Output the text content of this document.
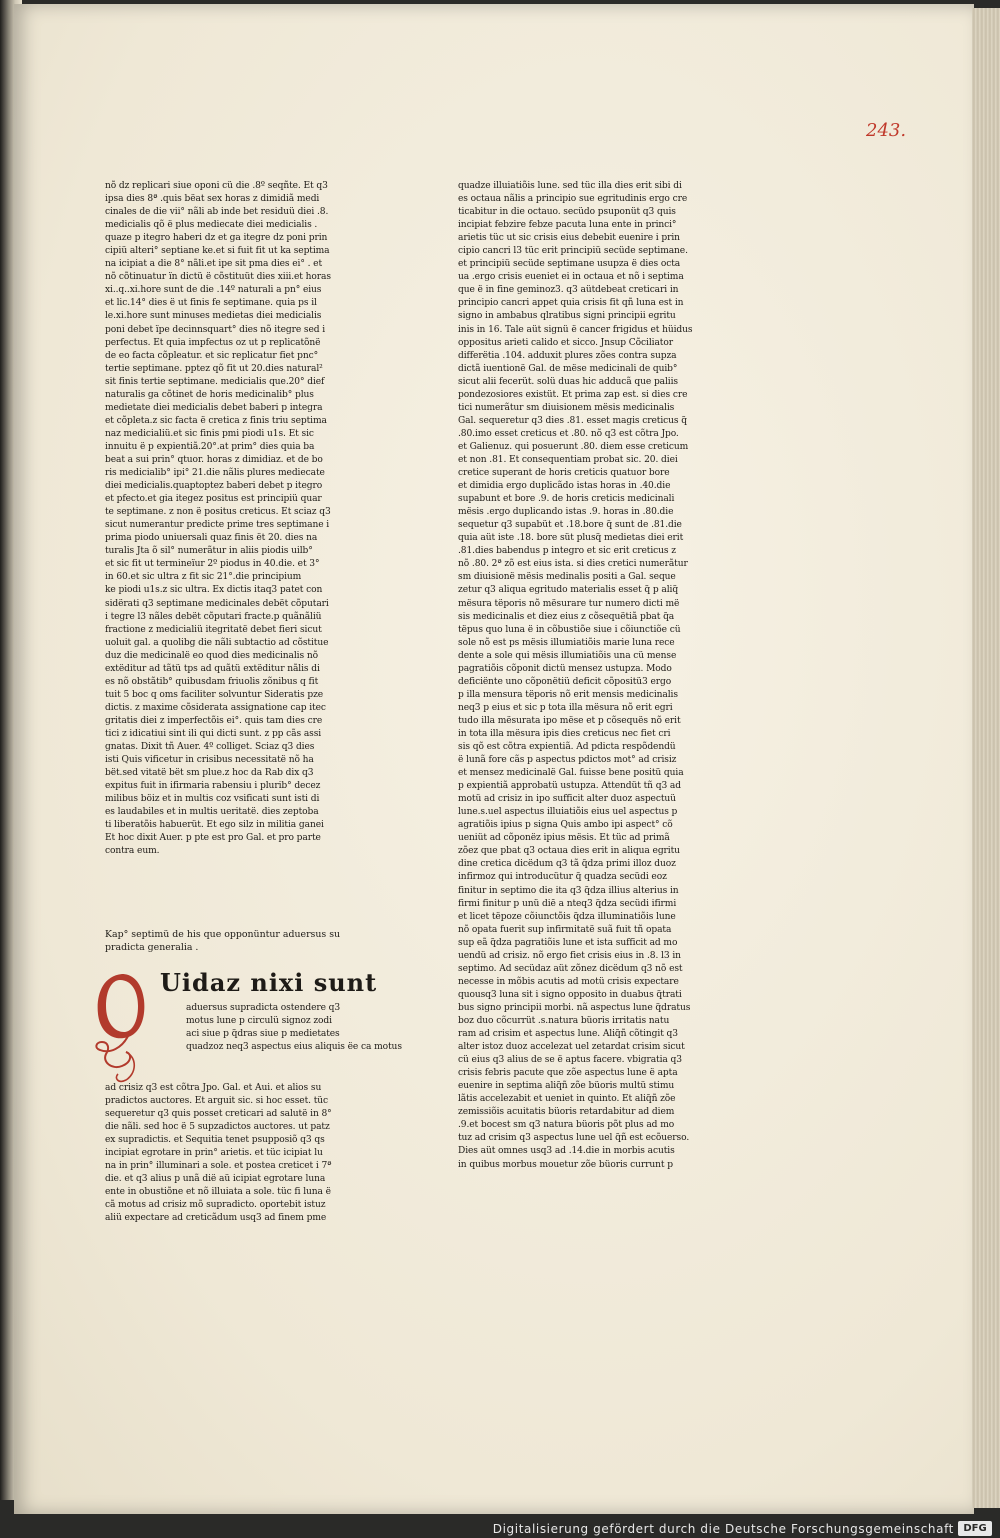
243.
nõ dz replicari siue oponi cü die .8º seqñte. Et q3
ipsa dies 8ª .quis bëat sex horas z dimidiã medi
cinales de die vii° nãli ab inde bet residuü diei .8.
medicialis qõ ë plus mediecate diei medicialis .
quaze p itegro haberi dz et ga itegre dz poni prin
cipiü alteri° septiane ke.et si fuit fit ut ka septima
na icipiat a die 8° nãli.et ipe sit pma dies ei° . et
nõ cõtinuatur ïn dictü ë cõstituüt dies xiii.et horas
xi..q..xi.hore sunt de die .14º naturali a pn° eius
et lic.14° dies ë ut finis fe septimane. quia ps il
le.xi.hore sunt minuses medietas diei medicialis
poni debet ïpe decinnsquart° dies nõ itegre sed i
perfectus. Et quia impfectus oz ut p replicatõnë
de eo facta cõpleatur. et sic replicatur fiet pnc°
tertie septimane. pptez qõ fit ut 20.dies natural²
sit finis tertie septimane. medicialis que.20° dief
naturalis ga cõtinet de horis medicinalib° plus
medietate diei medicialis debet baberi p integra
et cõpleta.z sic facta ë cretica z finis triu septima
naz medicialiü.et sic finis pmi piodi u1s. Et sic
innuitu ë p expientiã.20°.at prim° dies quia ba
beat a sui prin° qtuor. horas z dimidiaz. et de bo
ris medicialib° ipi° 21.die nãlis plures mediecate
diei medicialis.quaptoptez baberi debet p itegro
et pfecto.et gia itegez positus est principiü quar
te septimane. z non ë positus creticus. Et sciaz q3
sicut numerantur predicte prime tres septimane i
prima piodo uniuersali quaz finis ët 20. dies na
turalis Jta õ sil° numerãtur in aliis piodis uilb°
et sic fit ut termineïur 2º piodus in 40.die. et 3°
in 60.et sic ultra z fit sic 21°.die principium
ke piodi u1s.z sic ultra. Ex dictis itaq3 patet con
sidërati q3 septimane medicinales debët cõputari
i tegre l3 nãles debët cõputari fracte.p quãnãliü
fractione z medicialiü itegritatë debet fieri sicut
uoluit gal. a quolibg die nãli subtactio ad cõstitue
duz die medicinalë eo quod dies medicinalis nõ
extëditur ad tãtü tps ad quãtü extëditur nãlis di
es nõ obstãtib° quibusdam friuolis zõnibus q fit
tuit 5 boc q oms faciliter solvuntur Sideratis pze
dictis. z maxime cõsiderata assignatione cap itec
gritatis diei z imperfectõis ei°. quis tam dies cre
tici z idicatiui sint ili qui dicti sunt. z pp cãs assi
gnatas. Dixit tñ Auer. 4º colliget. Sciaz q3 dies
isti Quis vificetur in crisibus necessitatë nõ ha
bët.sed vitatë bët sm plue.z hoc da Rab dix q3
expitus fuit in ifirmaria rabensiu i plurib° decez
milibus böiz et in multis coz vsificati sunt isti di
es laudabiles et in multis ueritatë. dies zeptoba
ti liberatõis habuerüt. Et ego silz in militia ganei
Et hoc dixit Auer. p pte est pro Gal. et pro parte
contra eum.
Kap° septimü de his que opponüntur aduersus su
pradicta generalia .
Uidaz nixi sunt
aduersus supradicta ostendere q3
motus lune p circulü signoz zodi
aci siue p q̃dras siue p medietates
quadzoz neq3 aspectus eius aliquis ëe ca motus
ad crisiz q3 est cõtra Jpo. Gal. et Aui. et alios su
pradictos auctores. Et arguit sic. si hoc esset. tüc
sequeretur q3 quis posset creticari ad salutë in 8°
die nãli. sed hoc ë 5 supzadictos auctores. ut patz
ex supradictis. et Sequitia tenet psupposiõ q3 qs
incipiat egrotare in prin° arietis. et tüc icipiat lu
na in prin° illuminari a sole. et postea creticet i 7ª
die. et q3 alius p unã dië aü icipiat egrotare luna
ente in obustiõne et nõ illuiata a sole. tüc fi luna ë
cã motus ad crisiz mõ supradicto. oportebit istuz
aliü expectare ad creticãdum usq3 ad finem pme
quadze illuiatiõis lune. sed tüc illa dies erit sibi di
es octaua nãlis a principio sue egritudinis ergo cre
ticabitur in die octauo. secüdo psuponüt q3 quis
incipiat febzire febze pacuta luna ente in princi°
arietis tüc ut sic crisis eius debebit euenire i prin
cipio cancri l3 tüc erit principiü secüde septimane.
et principiü secüde septimane usupza ë dies octa
ua .ergo crisis eueniet ei in octaua et nõ i septima
que ë in fine geminoz3. q3 aütdebeat creticari in
principio cancri appet quia crisis fit qñ luna est in
signo in ambabus qlratibus signi principii egritu
inis in 16. Tale aüt signü ë cancer frigidus et hüidus
oppositus arieti calido et sicco. Jnsup Cõciliator
differëtia .104. adduxit plures zões contra supza
dictã iuentionë Gal. de mëse medicinali de quib°
sicut alii fecerüt. solü duas hic adducã que paliis
pondezosiores existüt. Et prima zap est. si dies cre
tici numerãtur sm diuisionem mësis medicinalis
Gal. sequeretur q3 dies .81. esset magis creticus q̃
.80.imo esset creticus et .80. nõ q3 est cõtra Jpo.
et Galienuz. qui posuerunt .80. diem esse creticum
et non .81. Et consequentiam probat sic. 20. diei
cretice superant de horis creticis quatuor bore
et dimidia ergo duplicãdo istas horas in .40.die
supabunt et bore .9. de horis creticis medicinali
mësis .ergo duplicando istas .9. horas in .80.die
sequetur q3 supabüt et .18.bore q̃ sunt de .81.die
quia aüt iste .18. bore süt plusq̃ medietas diei erit
.81.dies babendus p integro et sic erit creticus z
nõ .80. 2ª zõ est eius ista. si dies cretici numerãtur
sm diuisionë mësis medinalis positi a Gal. seque
zetur q3 aliqua egritudo materialis esset q̃ p aliq̃
mësura tëporis nõ mësurare tur numero dicti më
sis medicinalis et diez eius z cõsequëtiã pbat q̃a
tëpus quo luna ë in cõbustiõe siue i cõiunctiõe cü
sole nõ est ps mësis illumiatiõis marie luna rece
dente a sole qui mësis illumiatiõis una cü mense
pagratiõis cõponit dictü mensez ustupza. Modo
deficiënte uno cõponëtiü deficit cõpositü3 ergo
p illa mensura tëporis nõ erit mensis medicinalis
neq3 p eius et sic p tota illa mësura nõ erit egri
tudo illa mësurata ipo mëse et p cõsequës nõ erit
in tota illa mësura ipis dies creticus nec fiet cri
sis qõ est cõtra expientiã. Ad pdicta respõdendü
ë lunã fore cãs p aspectus pdictos mot° ad crisiz
et mensez medicinalë Gal. fuisse bene positü quia
p expientiã approbatü ustupza. Attendüt tñ q3 ad
motü ad crisiz in ipo sufficit alter duoz aspectuü
lune.s.uel aspectus illuiatiõis eius uel aspectus p
agratiõis ipius p signa Quis ambo ipi aspect° cõ
ueniüt ad cõponëz ipius mësis. Et tüc ad primã
zõez que pbat q3 octaua dies erit in aliqua egritu
dine cretica dicëdum q3 tã q̃dza primi illoz duoz
infirmoz qui introducütur q̃ quadza secüdi eoz
finitur in septimo die ita q3 q̃dza illius alterius in
firmi finitur p unü diē a nteq3 q̃dza secüdi ifirmi
et licet tëpoze cõiunctõis q̃dza illuminatiõis lune
nõ opata fuerit sup infirmitatë suã fuit tñ opata
sup eã q̃dza pagratiõis lune et ista sufficit ad mo
uendü ad crisiz. nõ ergo fiet crisis eius in .8. l3 in
septimo. Ad secüdaz aüt zõnez dicëdum q3 nõ est
necesse in mõbis acutis ad motü crisis expectare
quousq3 luna sit i signo opposito in duabus q̃trati
bus signo principii morbi. nã aspectus lune q̃dratus
boz duo cõcurrüt .s.natura büoris irritatis natu
ram ad crisim et aspectus lune. Aliq̃ñ cõtingit q3
alter istoz duoz accelezat uel zetardat crisim sicut
cü eius q3 alius de se ë aptus facere. vbigratia q3
crisis febris pacute que zõe aspectus lune ë apta
euenire in septima aliq̃ñ zõe büoris multü stimu
lãtis accelezabit et ueniet in quinto. Et aliq̃ñ zõe
zemissiõis acuitatis büoris retardabitur ad diem
.9.et bocest sm q3 natura büoris põt plus ad mo
tuz ad crisim q3 aspectus lune uel q̃ñ est ecõuerso.
Dies aüt omnes usq3 ad .14.die in morbis acutis
in quibus morbus mouetur zõe büoris currunt p
Digitalisierung gefördert durch die Deutsche Forschungsgemeinschaft DFG
